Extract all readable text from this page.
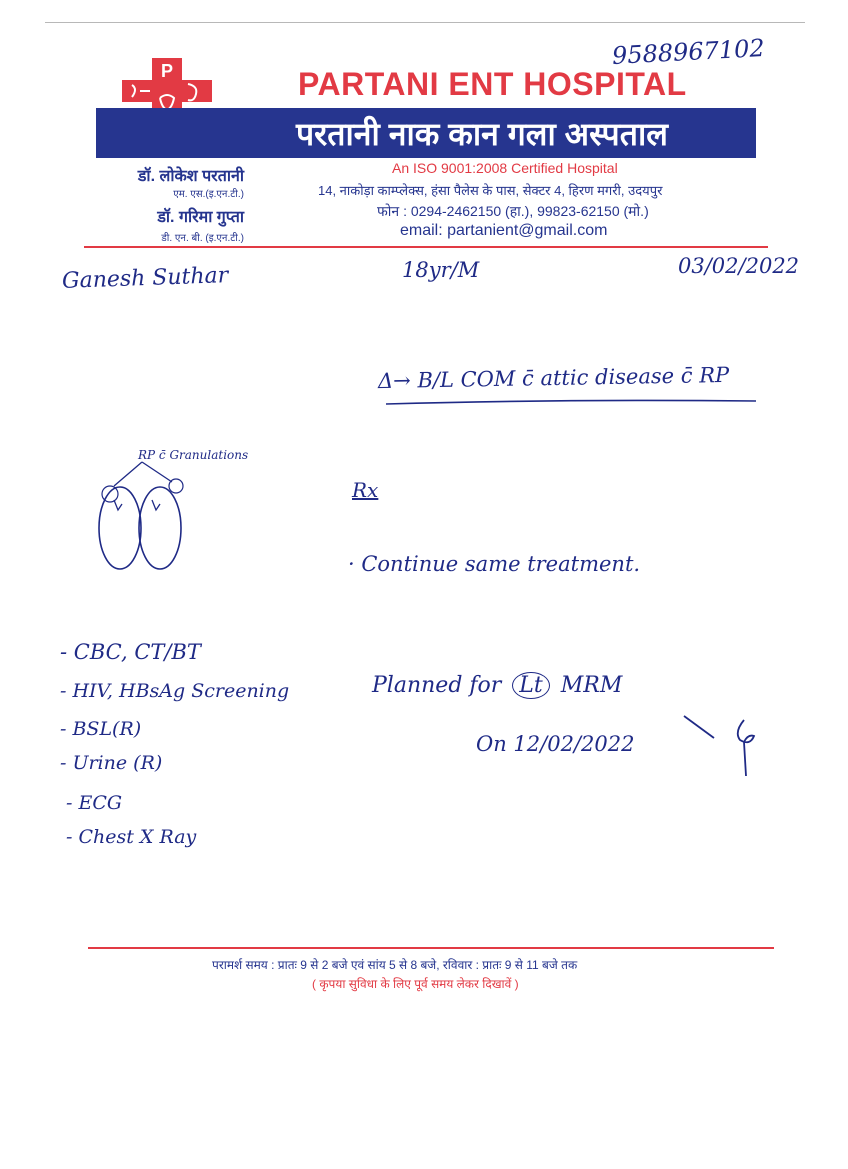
P
9588967102
PARTANI ENT HOSPITAL
परतानी नाक कान गला अस्पताल
डॉ. लोकेश परतानी
एम. एस.(इ.एन.टी.)
डॉ. गरिमा गुप्ता
डी. एन. बी. (इ.एन.टी.)
An ISO 9001:2008 Certified Hospital
14, नाकोड़ा काम्प्लेक्स, हंसा पैलेस के पास, सेक्टर 4, हिरण मगरी, उदयपुर
फोन : 0294-2462150 (हा.), 99823-62150 (मो.)
email: partanient@gmail.com
Ganesh Suthar	18yr/M	03/02/2022
Δ→ B/L COM c̄ attic disease c̄ RP
RP c̄ Granulations
Rx
· Continue same treatment.
- CBC, CT/BT
- HIV, HBsAg Screening
- BSL(R)
- Urine (R)
- ECG
- Chest X Ray
Planned for Lt MRM
On 12/02/2022
परामर्श समय : प्रातः 9 से 2 बजे एवं सांय 5 से 8 बजे, रविवार : प्रातः 9 से 11 बजे तक
( कृपया सुविधा के लिए पूर्व समय लेकर दिखावें )
